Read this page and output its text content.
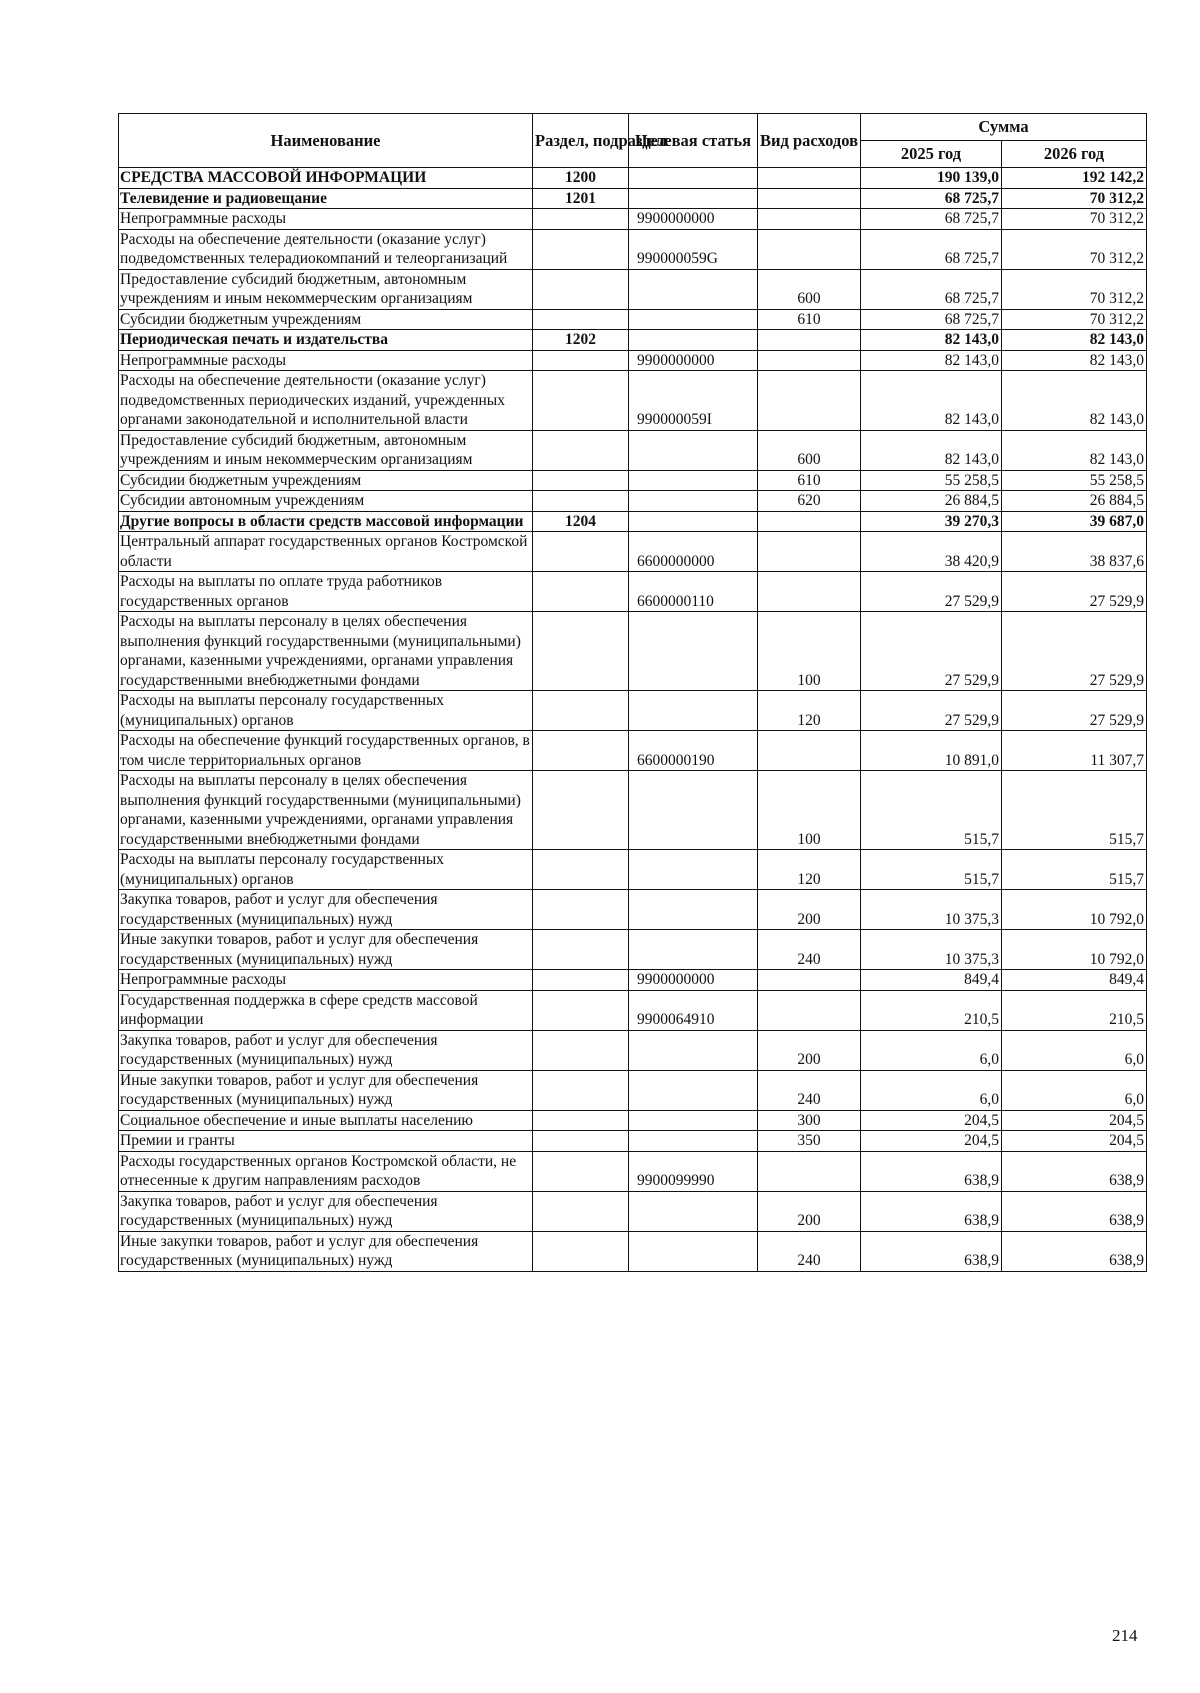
Наименование	Раздел, подраздел	Целевая статья	Вид расходов	Сумма	
				2025 год	2026 год
СРЕДСТВА МАССОВОЙ ИНФОРМАЦИИ	1200			190 139,0	192 142,2
Телевидение и радиовещание	1201			68 725,7	70 312,2
Непрограммные расходы		9900000000		68 725,7	70 312,2
Расходы на обеспечение деятельности (оказание услуг) подведомственных телерадиокомпаний и телеорганизаций		990000059G		68 725,7	70 312,2
Предоставление субсидий бюджетным, автономным учреждениям и иным некоммерческим организациям			600	68 725,7	70 312,2
Субсидии бюджетным учреждениям			610	68 725,7	70 312,2
Периодическая печать и издательства	1202			82 143,0	82 143,0
Непрограммные расходы		9900000000		82 143,0	82 143,0
Расходы на обеспечение деятельности (оказание услуг) подведомственных периодических изданий, учрежденных органами законодательной и исполнительной власти		990000059I		82 143,0	82 143,0
Предоставление субсидий бюджетным, автономным учреждениям и иным некоммерческим организациям			600	82 143,0	82 143,0
Субсидии бюджетным учреждениям			610	55 258,5	55 258,5
Субсидии автономным учреждениям			620	26 884,5	26 884,5
Другие вопросы в области средств массовой информации	1204			39 270,3	39 687,0
Центральный аппарат государственных органов Костромской области		6600000000		38 420,9	38 837,6
Расходы на выплаты по оплате труда работников государственных органов		6600000110		27 529,9	27 529,9
Расходы на выплаты персоналу в целях обеспечения выполнения функций государственными (муниципальными) органами, казенными учреждениями, органами управления государственными внебюджетными фондами			100	27 529,9	27 529,9
Расходы на выплаты персоналу государственных (муниципальных) органов			120	27 529,9	27 529,9
Расходы на обеспечение функций государственных органов, в том числе территориальных органов		6600000190		10 891,0	11 307,7
Расходы на выплаты персоналу в целях обеспечения выполнения функций государственными (муниципальными) органами, казенными учреждениями, органами управления государственными внебюджетными фондами			100	515,7	515,7
Расходы на выплаты персоналу государственных (муниципальных) органов			120	515,7	515,7
Закупка товаров, работ и услуг для обеспечения государственных (муниципальных) нужд			200	10 375,3	10 792,0
Иные закупки товаров, работ и услуг для обеспечения государственных (муниципальных) нужд			240	10 375,3	10 792,0
Непрограммные расходы		9900000000		849,4	849,4
Государственная поддержка в сфере средств массовой информации		9900064910		210,5	210,5
Закупка товаров, работ и услуг для обеспечения государственных (муниципальных) нужд			200	6,0	6,0
Иные закупки товаров, работ и услуг для обеспечения государственных (муниципальных) нужд			240	6,0	6,0
Социальное обеспечение и иные выплаты населению			300	204,5	204,5
Премии и гранты			350	204,5	204,5
Расходы государственных органов Костромской области, не отнесенные к другим направлениям расходов		9900099990		638,9	638,9
Закупка товаров, работ и услуг для обеспечения государственных (муниципальных) нужд			200	638,9	638,9
Иные закупки товаров, работ и услуг для обеспечения государственных (муниципальных) нужд			240	638,9	638,9
214
